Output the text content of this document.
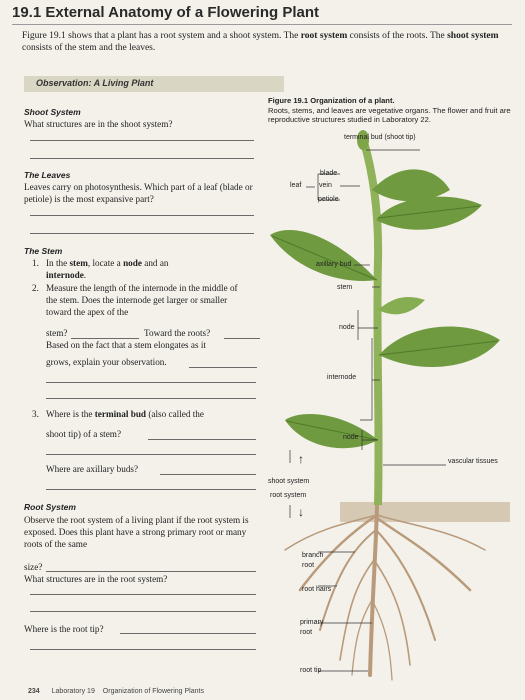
19.1 External Anatomy of a Flowering Plant
Figure 19.1 shows that a plant has a root system and a shoot system. The root system consists of the roots. The shoot system consists of the stem and the leaves.
Observation: A Living Plant
Shoot System
What structures are in the shoot system?
The Leaves
Leaves carry on photosynthesis. Which part of a leaf (blade or petiole) is the most expansive part?
The Stem
1. In the stem, locate a node and an
internode.
2. Measure the length of the internode in the middle of the stem. Does the internode get larger or smaller toward the apex of the
stem?	Toward the roots?
Based on the fact that a stem elongates as it
grows, explain your observation.
3. Where is the terminal bud (also called the
shoot tip) of a stem?
Where are axillary buds?
Root System
Observe the root system of a living plant if the root system is exposed. Does this plant have a strong primary root or many roots of the same
size?
What structures are in the root system?
Where is the root tip?
Figure 19.1 Organization of a plant.
Roots, stems, and leaves are vegetative organs. The flower and fruit are reproductive structures studied in Laboratory 22.
terminal bud (shoot tip)
blade
leaf	vein
petiole
axillary bud
stem
node
internode
node
vascular tissues
shoot system
root system
↑
↓
branch
root
root hairs
primary
root
root tip
234 Laboratory 19 Organization of Flowering Plants
